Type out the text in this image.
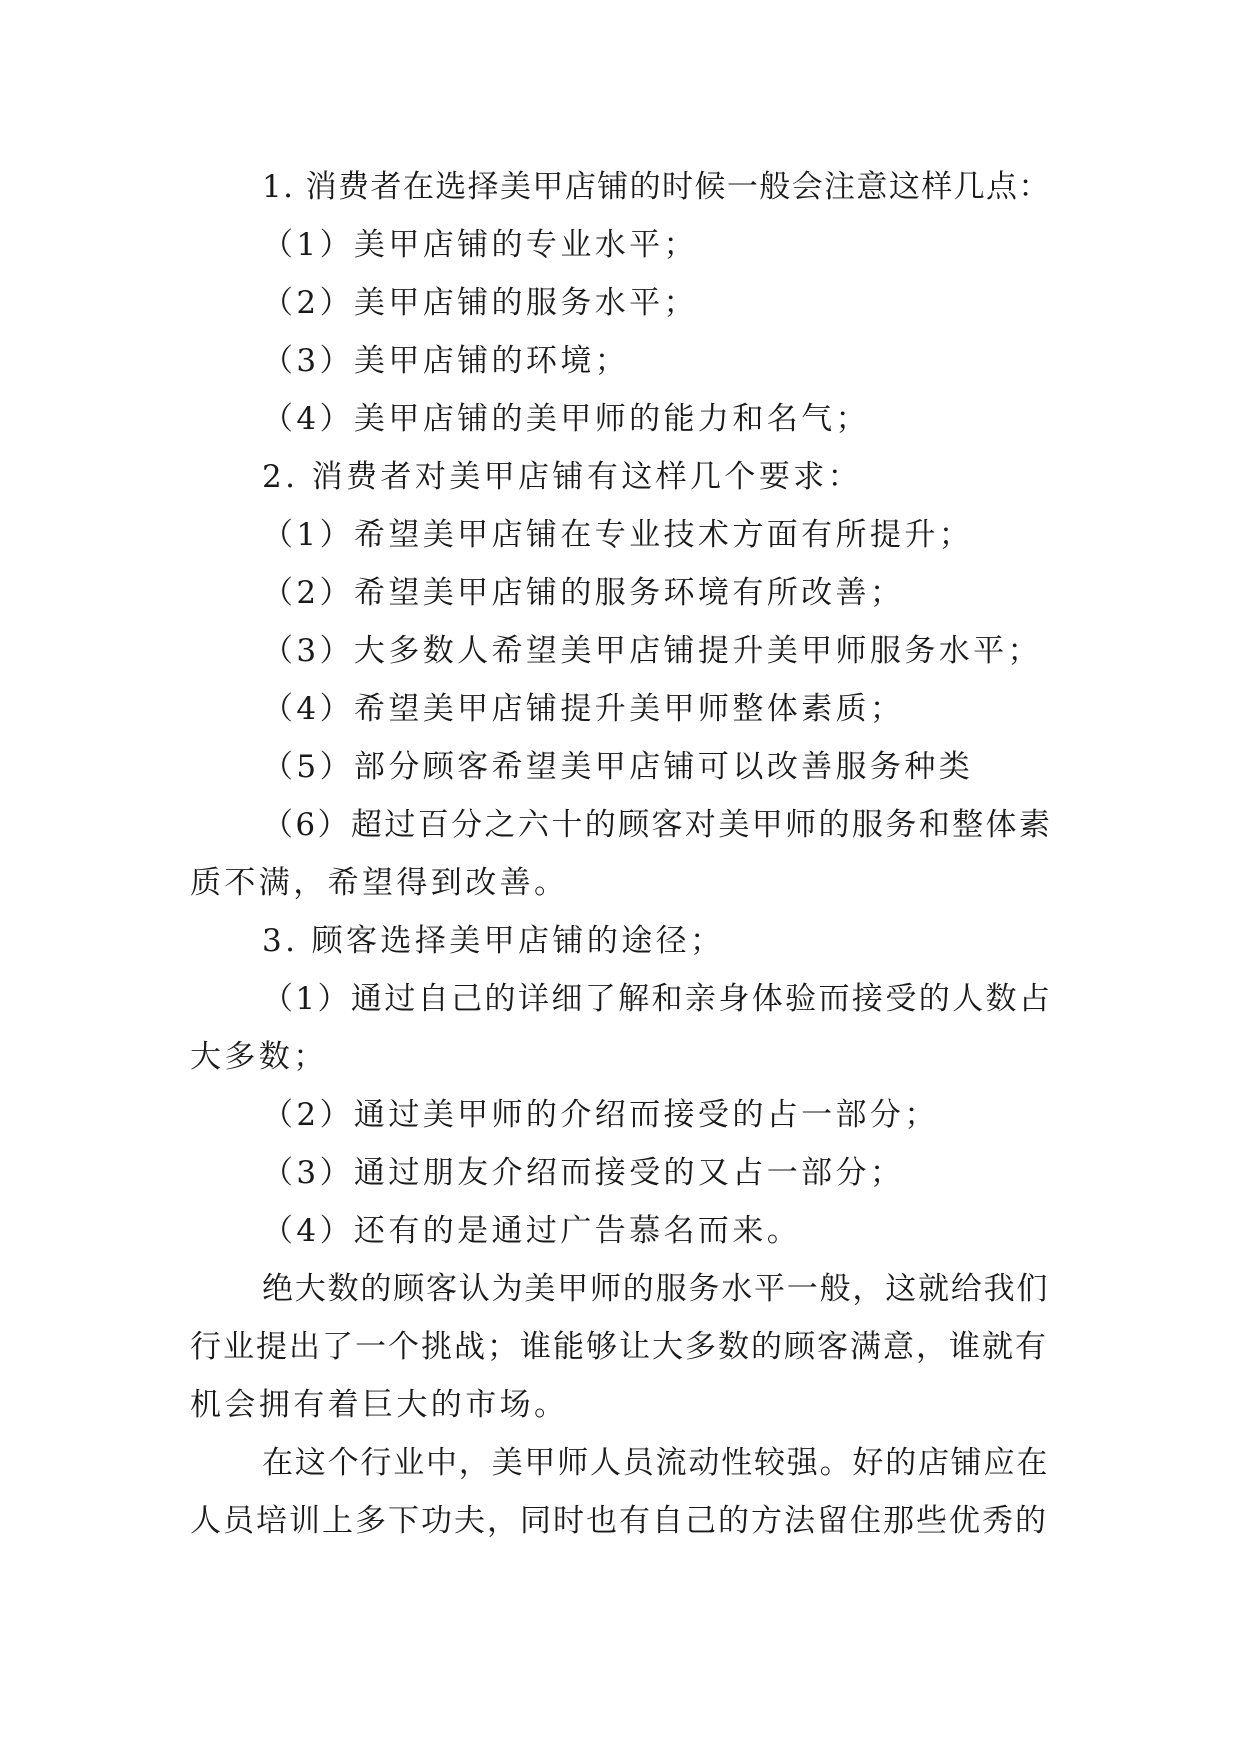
1. 消费者在选择美甲店铺的时候一般会注意这样几点：
（1）美甲店铺的专业水平；
（2）美甲店铺的服务水平；
（3）美甲店铺的环境；
（4）美甲店铺的美甲师的能力和名气；
2. 消费者对美甲店铺有这样几个要求：
（1）希望美甲店铺在专业技术方面有所提升；
（2）希望美甲店铺的服务环境有所改善；
（3）大多数人希望美甲店铺提升美甲师服务水平；
（4）希望美甲店铺提升美甲师整体素质；
（5）部分顾客希望美甲店铺可以改善服务种类
（6）超过百分之六十的顾客对美甲师的服务和整体素
质不满，希望得到改善。
3. 顾客选择美甲店铺的途径；
（1）通过自己的详细了解和亲身体验而接受的人数占
大多数；
（2）通过美甲师的介绍而接受的占一部分；
（3）通过朋友介绍而接受的又占一部分；
（4）还有的是通过广告慕名而来。
绝大数的顾客认为美甲师的服务水平一般，这就给我们
行业提出了一个挑战；谁能够让大多数的顾客满意，谁就有
机会拥有着巨大的市场。
在这个行业中，美甲师人员流动性较强。好的店铺应在
人员培训上多下功夫，同时也有自己的方法留住那些优秀的
